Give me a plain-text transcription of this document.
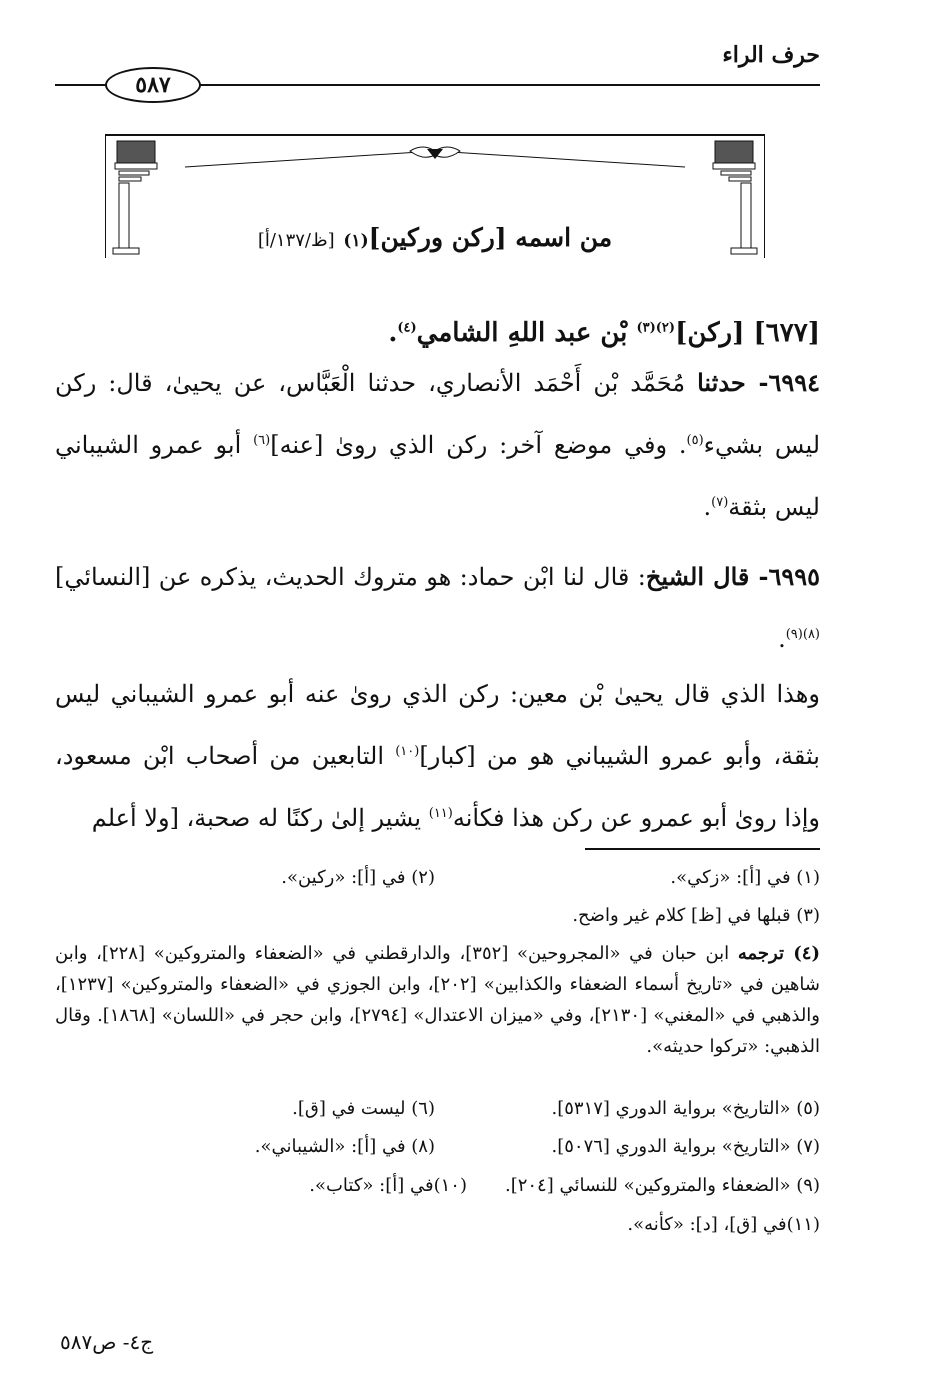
حرف الراء
٥٨٧
من اسمه [ركن وركين](١) [ظ/١٣٧/أ]
[٦٧٧] [ركن]$^{(٢)(٣)}$ بْن عبد اللهِ الشامي$^{(٤)}$.
٦٩٩٤- حدثنا مُحَمَّد بْن أَحْمَد الأنصاري، حدثنا الْعَبَّاس، عن يحيىٰ، قال: ركن ليس بشيء$^{(٥)}$. وفي موضع آخر: ركن الذي روىٰ [عنه]$^{(٦)}$ أبو عمرو الشيباني ليس بثقة$^{(٧)}$.
٦٩٩٥- قال الشيخ: قال لنا ابْن حماد: هو متروك الحديث، يذكره عن [النسائي]$^{(٨)(٩)}$.
وهذا الذي قال يحيىٰ بْن معين: ركن الذي روىٰ عنه أبو عمرو الشيباني ليس بثقة، وأبو عمرو الشيباني هو من [كبار]$^{(١٠)}$ التابعين من أصحاب ابْن مسعود، وإذا روىٰ أبو عمرو عن ركن هذا فكأنه$^{(١١)}$ يشير إلىٰ ركنًا له صحبة، [ولا أعلم
(١) في [أ]: «زكي».
(٢) في [أ]: «ركين».
(٣) قبلها في [ظ] كلام غير واضح.
(٤) ترجمه ابن حبان في «المجروحين» [٣٥٢]، والدارقطني في «الضعفاء والمتروكين» [٢٢٨]، وابن شاهين في «تاريخ أسماء الضعفاء والكذابين» [٢٠٢]، وابن الجوزي في «الضعفاء والمتروكين» [١٢٣٧]، والذهبي في «المغني» [٢١٣٠]، وفي «ميزان الاعتدال» [٢٧٩٤]، وابن حجر في «اللسان» [١٨٦٨]. وقال الذهبي: «تركوا حديثه».
(٥) «التاريخ» برواية الدوري [٥٣١٧].
(٦) ليست في [ق].
(٧) «التاريخ» برواية الدوري [٥٠٧٦].
(٨) في [أ]: «الشيباني».
(٩) «الضعفاء والمتروكين» للنسائي [٢٠٤].
(١٠)في [أ]: «كتاب».
(١١)في [ق]، [د]: «كأنه».
ج٤- ص٥٨٧
